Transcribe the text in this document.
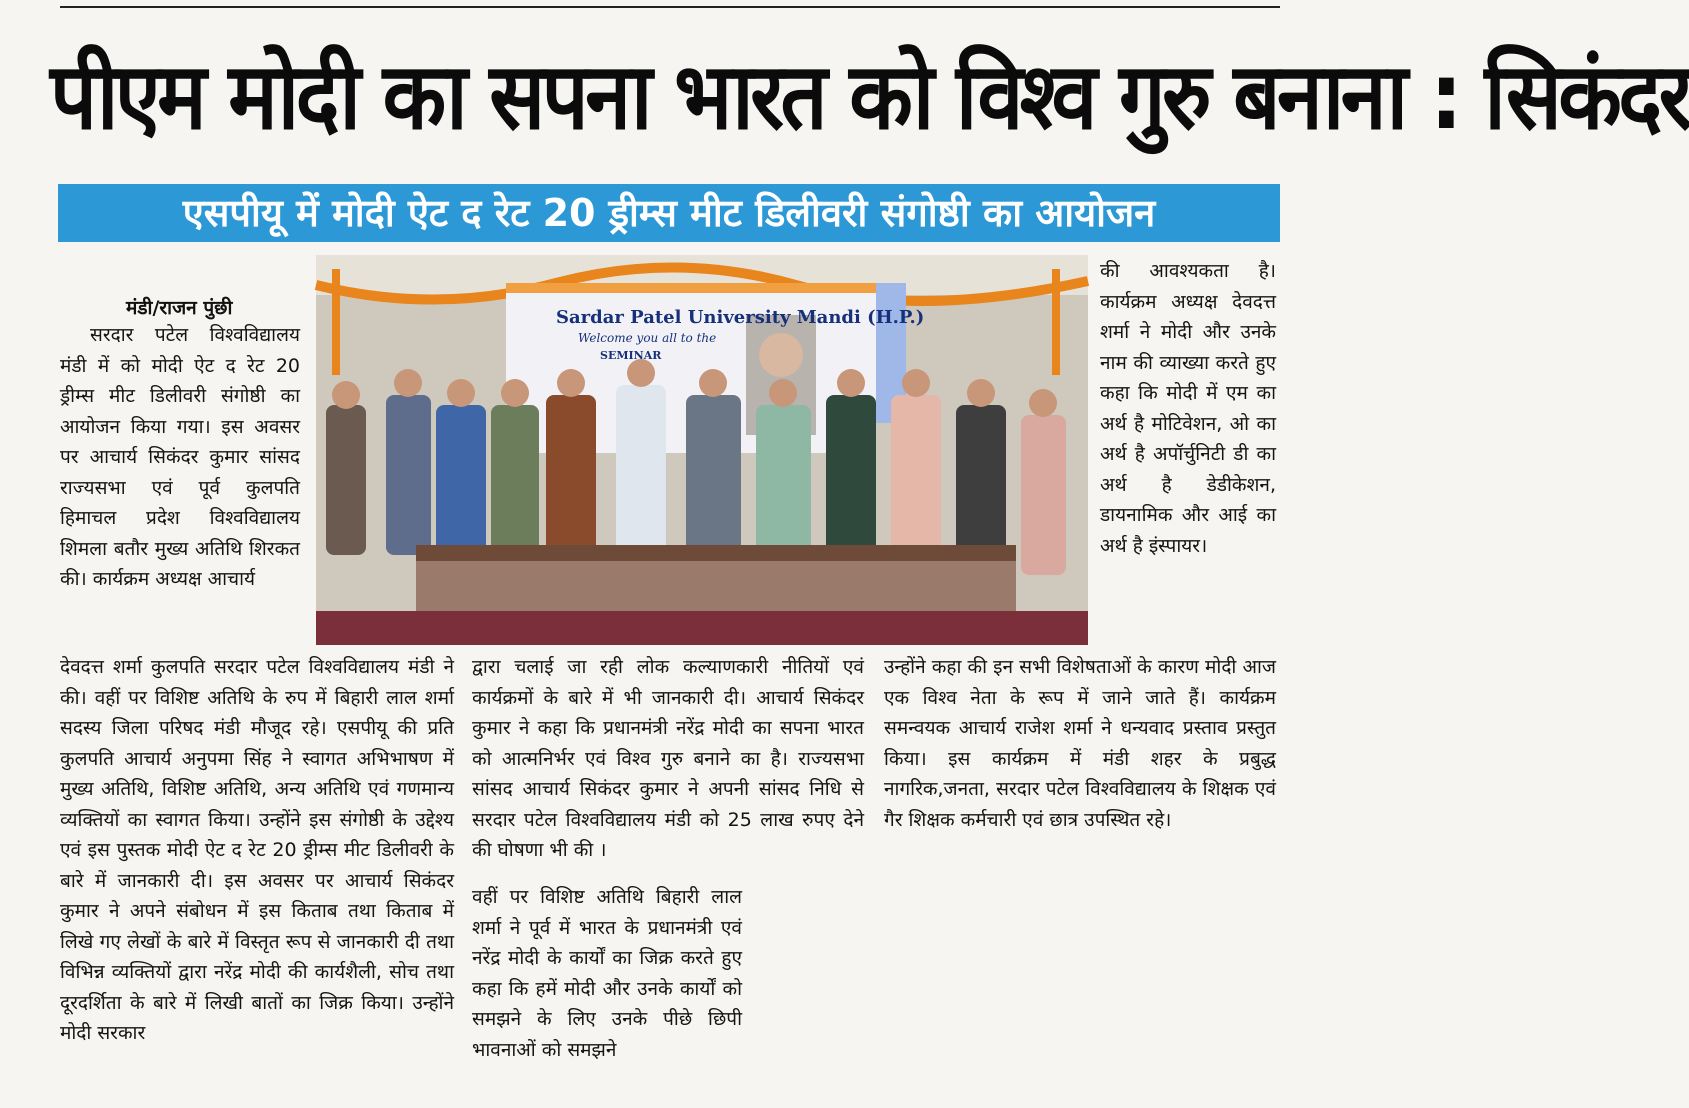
पीएम मोदी का सपना भारत को विश्व गुरु बनाना : सिकंदर
एसपीयू में मोदी ऐट द रेट 20 ड्रीम्स मीट डिलीवरी संगोष्ठी का आयोजन
Sardar Patel University Mandi (H.P.)
Welcome you all to the
SEMINAR
मंडी/राजन पुंछी

सरदार पटेल विश्वविद्यालय मंडी में को मोदी ऐट द रेट 20 ड्रीम्स मीट डिलीवरी संगोष्ठी का आयोजन किया गया। इस अवसर पर आचार्य सिकंदर कुमार सांसद राज्यसभा एवं पूर्व कुलपति हिमाचल प्रदेश विश्वविद्यालय शिमला बतौर मुख्य अतिथि शिरकत की। कार्यक्रम अध्यक्ष आचार्य

देवदत्त शर्मा कुलपति सरदार पटेल विश्वविद्यालय मंडी ने की। वहीं पर विशिष्ट अतिथि के रुप में बिहारी लाल शर्मा सदस्य जिला परिषद मंडी मौजूद रहे। एसपीयू की प्रति कुलपति आचार्य अनुपमा सिंह ने स्वागत अभिभाषण में मुख्य अतिथि, विशिष्ट अतिथि, अन्य अतिथि एवं गणमान्य व्यक्तियों का स्वागत किया। उन्होंने इस संगोष्ठी के उद्देश्य एवं इस पुस्तक मोदी ऐट द रेट 20 ड्रीम्स मीट डिलीवरी के बारे में जानकारी दी। इस अवसर पर आचार्य सिकंदर कुमार ने अपने संबोधन में इस किताब तथा किताब में लिखे गए लेखों के बारे में विस्तृत रूप से जानकारी दी तथा विभिन्न व्यक्तियों द्वारा नरेंद्र मोदी की कार्यशैली, सोच तथा दूरदर्शिता के बारे में लिखी बातों का जिक्र किया। उन्होंने मोदी सरकार

द्वारा चलाई जा रही लोक कल्याणकारी नीतियों एवं कार्यक्रमों के बारे में भी जानकारी दी। आचार्य सिकंदर कुमार ने कहा कि प्रधानमंत्री नरेंद्र मोदी का सपना भारत को आत्मनिर्भर एवं विश्व गुरु बनाने का है। राज्यसभा सांसद आचार्य सिकंदर कुमार ने अपनी सांसद निधि से सरदार पटेल विश्वविद्यालय मंडी को 25 लाख रुपए देने की घोषणा भी की ।

वहीं पर विशिष्ट अतिथि बिहारी लाल शर्मा ने पूर्व में भारत के प्रधानमंत्री एवं नरेंद्र मोदी के कार्यों का जिक्र करते हुए कहा कि हमें मोदी और उनके कार्यों को समझने के लिए उनके पीछे छिपी भावनाओं को समझने

की आवश्यकता है। कार्यक्रम अध्यक्ष देवदत्त शर्मा ने मोदी और उनके नाम की व्याख्या करते हुए कहा कि मोदी में एम का अर्थ है मोटिवेशन, ओ का अर्थ है अपॉर्चुनिटी डी का अर्थ है डेडीकेशन, डायनामिक और आई का अर्थ है इंस्पायर।

उन्होंने कहा की इन सभी विशेषताओं के कारण मोदी आज एक विश्व नेता के रूप में जाने जाते हैं। कार्यक्रम समन्वयक आचार्य राजेश शर्मा ने धन्यवाद प्रस्ताव प्रस्तुत किया। इस कार्यक्रम में मंडी शहर के प्रबुद्ध नागरिक,जनता, सरदार पटेल विश्वविद्यालय के शिक्षक एवं गैर शिक्षक कर्मचारी एवं छात्र उपस्थित रहे।
